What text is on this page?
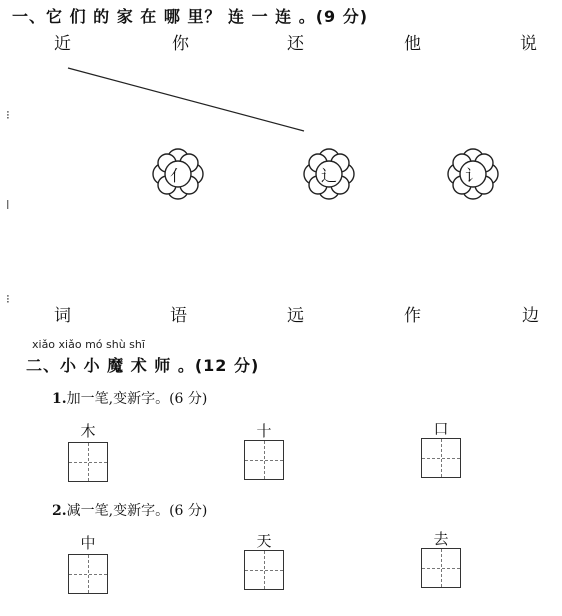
一、它 们 的 家 在 哪 里？ 连 一 连 。(9 分)
近	你	还	他	说
⁝
ǀ
⁝
亻	辶	讠
词	语	远	作	边
xiǎo xiǎo mó shù shī
二、小 小 魔 术 师 。(12 分)
1.加一笔,变新字。(6 分)
木	十	口
2.减一笔,变新字。(6 分)
中	天	去
